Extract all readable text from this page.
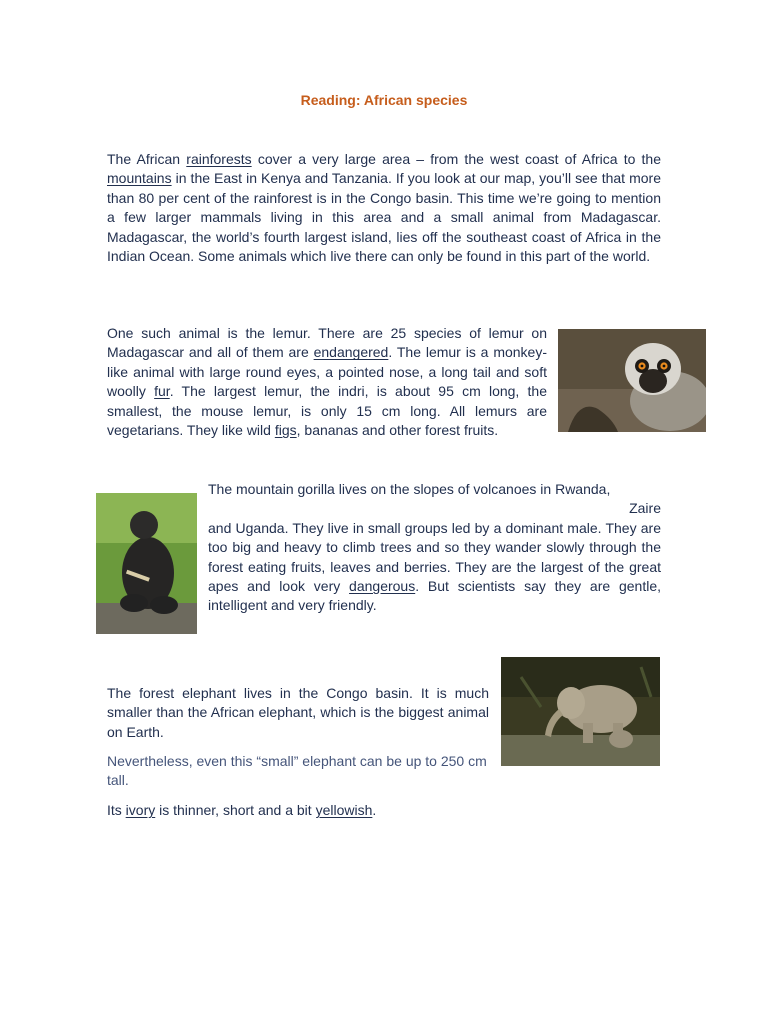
Reading: African species

The African rainforests cover a very large area – from the west coast of Africa to the mountains in the East in Kenya and Tanzania. If you look at our map, you’ll see that more than 80 per cent of the rainforest is in the Congo basin. This time we’re going to mention a few larger mammals living in this area and a small animal from Madagascar. Madagascar, the world’s fourth largest island, lies off the southeast coast of Africa in the Indian Ocean. Some animals which live there can only be found in this part of the world.

One such animal is the lemur. There are 25 species of lemur on Madagascar and all of them are endangered. The lemur is a monkey-like animal with large round eyes, a pointed nose, a long tail and soft woolly fur. The largest lemur, the indri, is about 95 cm long, the smallest, the mouse lemur, is only 15 cm long. All lemurs are vegetarians. They like wild figs, bananas and other forest fruits.

The mountain gorilla lives on the slopes of volcanoes in Rwanda,
Zaire
and Uganda. They live in small groups led by a dominant male. They are too big and heavy to climb trees and so they wander slowly through the forest eating fruits, leaves and berries. They are the largest of the great apes and look very dangerous. But scientists say they are gentle, intelligent and very friendly.

The forest elephant lives in the Congo basin. It is much smaller than the African elephant, which is the biggest animal on Earth.

Nevertheless, even this “small” elephant can be up to 250 cm tall.

Its ivory is thinner, short and a bit yellowish.
